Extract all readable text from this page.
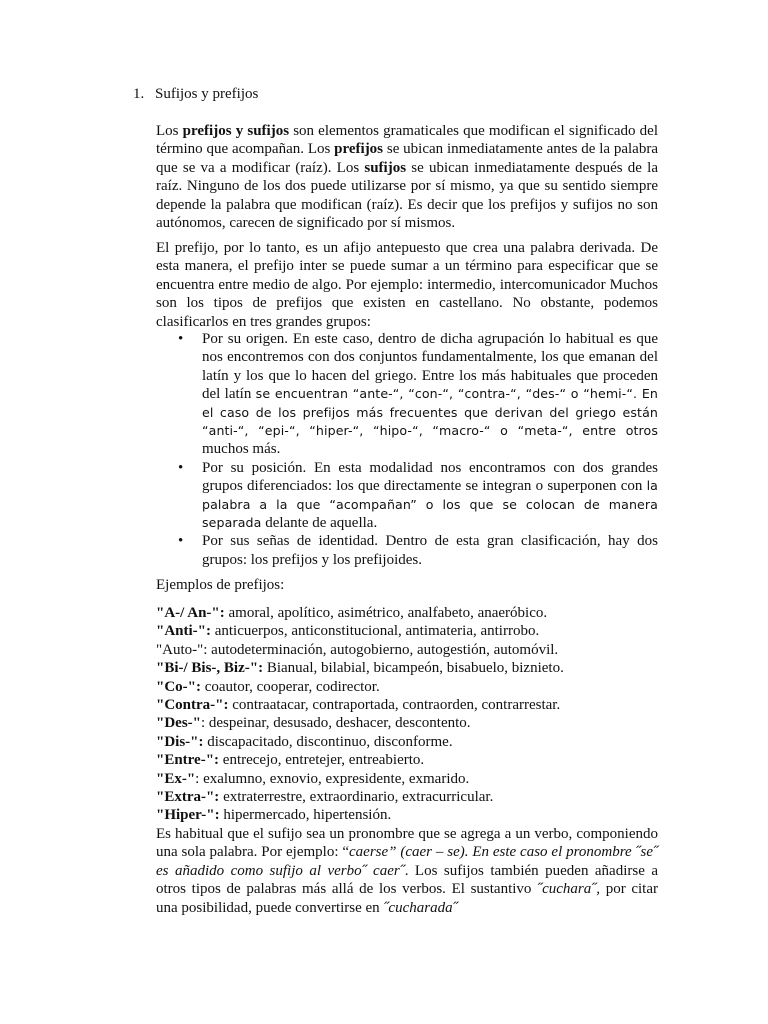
1. Sufijos y prefijos
Los prefijos y sufijos son elementos gramaticales que modifican el significado del término que acompañan. Los prefijos se ubican inmediatamente antes de la palabra que se va a modificar (raíz). Los sufijos se ubican inmediatamente después de la raíz. Ninguno de los dos puede utilizarse por sí mismo, ya que su sentido siempre depende la palabra que modifican (raíz). Es decir que los prefijos y sufijos no son autónomos, carecen de significado por sí mismos.
El prefijo, por lo tanto, es un afijo antepuesto que crea una palabra derivada. De esta manera, el prefijo inter se puede sumar a un término para especificar que se encuentra entre medio de algo. Por ejemplo: intermedio, intercomunicador Muchos son los tipos de prefijos que existen en castellano. No obstante, podemos clasificarlos en tres grandes grupos:
• Por su origen. En este caso, dentro de dicha agrupación lo habitual es que nos encontremos con dos conjuntos fundamentalmente, los que emanan del latín y los que lo hacen del griego. Entre los más habituales que proceden del latín se encuentran “ante-“, “con-“, “contra-“, “des-“ o “hemi-“. En el caso de los prefijos más frecuentes que derivan del griego están “anti-“, “epi-“, “hiper-“, “hipo-“, “macro-“ o “meta-“, entre otros muchos más.
• Por su posición. En esta modalidad nos encontramos con dos grandes grupos diferenciados: los que directamente se integran o superponen con la palabra a la que “acompañan” o los que se colocan de manera separada delante de aquella.
• Por sus señas de identidad. Dentro de esta gran clasificación, hay dos grupos: los prefijos y los prefijoides.
Ejemplos de prefijos:
"A-/ An-": amoral, apolítico, asimétrico, analfabeto, anaeróbico.
"Anti-": anticuerpos, anticonstitucional, antimateria, antirrobo.
"Auto-": autodeterminación, autogobierno, autogestión, automóvil.
"Bi-/ Bis-, Biz-": Bianual, bilabial, bicampeón, bisabuelo, biznieto.
"Co-": coautor, cooperar, codirector.
"Contra-": contraatacar, contraportada, contraorden, contrarrestar.
"Des-": despeinar, desusado, deshacer, descontento.
"Dis-": discapacitado, discontinuo, disconforme.
"Entre-": entrecejo, entretejer, entreabierto.
"Ex-": exalumno, exnovio, expresidente, exmarido.
"Extra-": extraterrestre, extraordinario, extracurricular.
"Hiper-": hipermercado, hipertensión.
Es habitual que el sufijo sea un pronombre que se agrega a un verbo, componiendo una sola palabra. Por ejemplo: “caerse” (caer – se). En este caso el pronombre ˝se˝ es añadido como sufijo al verbo˝ caer˝. Los sufijos también pueden añadirse a otros tipos de palabras más allá de los verbos. El sustantivo ˝cuchara˝, por citar una posibilidad, puede convertirse en ˝cucharada˝
